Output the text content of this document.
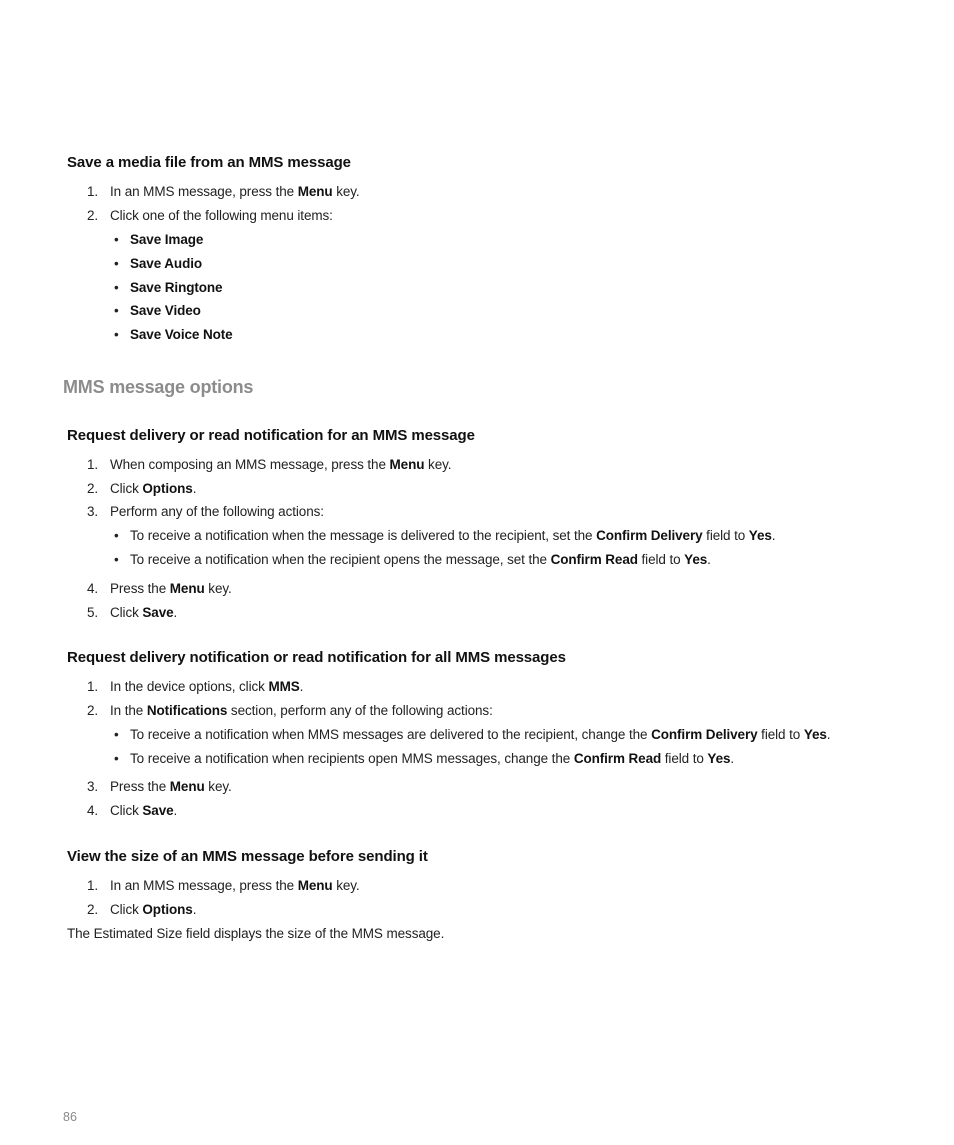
Save a media file from an MMS message
1. In an MMS message, press the Menu key.
2. Click one of the following menu items:
• Save Image
• Save Audio
• Save Ringtone
• Save Video
• Save Voice Note
MMS message options
Request delivery or read notification for an MMS message
1. When composing an MMS message, press the Menu key.
2. Click Options.
3. Perform any of the following actions:
• To receive a notification when the message is delivered to the recipient, set the Confirm Delivery field to Yes.
• To receive a notification when the recipient opens the message, set the Confirm Read field to Yes.
4. Press the Menu key.
5. Click Save.
Request delivery notification or read notification for all MMS messages
1. In the device options, click MMS.
2. In the Notifications section, perform any of the following actions:
• To receive a notification when MMS messages are delivered to the recipient, change the Confirm Delivery field to Yes.
• To receive a notification when recipients open MMS messages, change the Confirm Read field to Yes.
3. Press the Menu key.
4. Click Save.
View the size of an MMS message before sending it
1. In an MMS message, press the Menu key.
2. Click Options.
The Estimated Size field displays the size of the MMS message.
86
